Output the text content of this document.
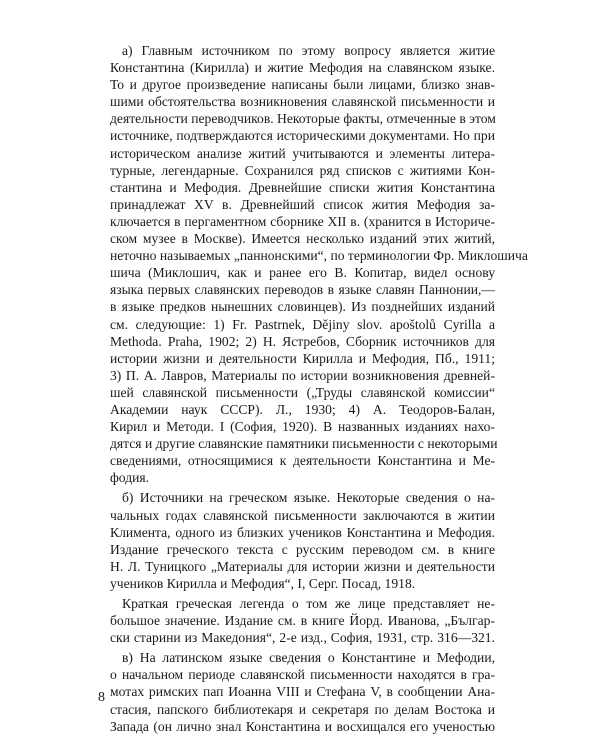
а) Главным источником по этому вопросу является житие
Константина (Кирилла) и житие Мефодия на славянском языке.
То и другое произведение написаны были лицами, близко знав-
шими обстоятельства возникновения славянской письменности и
деятельности переводчиков. Некоторые факты, отмеченные в этом
источнике, подтверждаются историческими документами. Но при
историческом анализе житий учитываются и элементы литера-
турные, легендарные. Сохранился ряд списков с житиями Кон-
стантина и Мефодия. Древнейшие списки жития Константина
принадлежат XV в. Древнейший список жития Мефодия за-
ключается в пергаментном сборнике XII в. (хранится в Историче-
ском музее в Москве). Имеется несколько изданий этих житий,
неточно называемых „паннонскими“, по терминологии Фр. Миклошича
шича (Миклошич, как и ранее его В. Копитар, видел основу
языка первых славянских переводов в языке славян Паннонии,—
в языке предков нынешних словинцев). Из позднейших изданий
см. следующие: 1) Fr. Pastrnek, Dějiny slov. apoštolů Cyrilla a
Methoda. Praha, 1902; 2) Н. Ястребов, Сборник источников для
истории жизни и деятельности Кирилла и Мефодия, Пб., 1911;
3) П. А. Лавров, Материалы по истории возникновения древней-
шей славянской письменности („Труды славянской комиссии“
Академии наук СССР). Л., 1930; 4) А. Теодоров-Балан,
Кирил и Методи. I (София, 1920). В названных изданиях нахо-
дятся и другие славянские памятники письменности с некоторыми
сведениями, относящимися к деятельности Константина и Ме-
фодия.
б) Источники на греческом языке. Некоторые сведения о на-
чальных годах славянской письменности заключаются в житии
Климента, одного из близких учеников Константина и Мефодия.
Издание греческого текста с русским переводом см. в книге
Н. Л. Туницкого „Материалы для истории жизни и деятельности
учеников Кирилла и Мефодия“, I, Серг. Посад, 1918.
Краткая греческая легенда о том же лице представляет не-
большое значение. Издание см. в книге Йорд. Иванова, „Българ-
ски старини из Македония“, 2-е изд., София, 1931, стр. 316—321.
в) На латинском языке сведения о Константине и Мефодии,
о начальном периоде славянской письменности находятся в гра-
мотах римских пап Иоанна VIII и Стефана V, в сообщении Ана-
стасия, папского библиотекаря и секретаря по делам Востока и
Запада (он лично знал Константина и восхищался его ученостью
8
